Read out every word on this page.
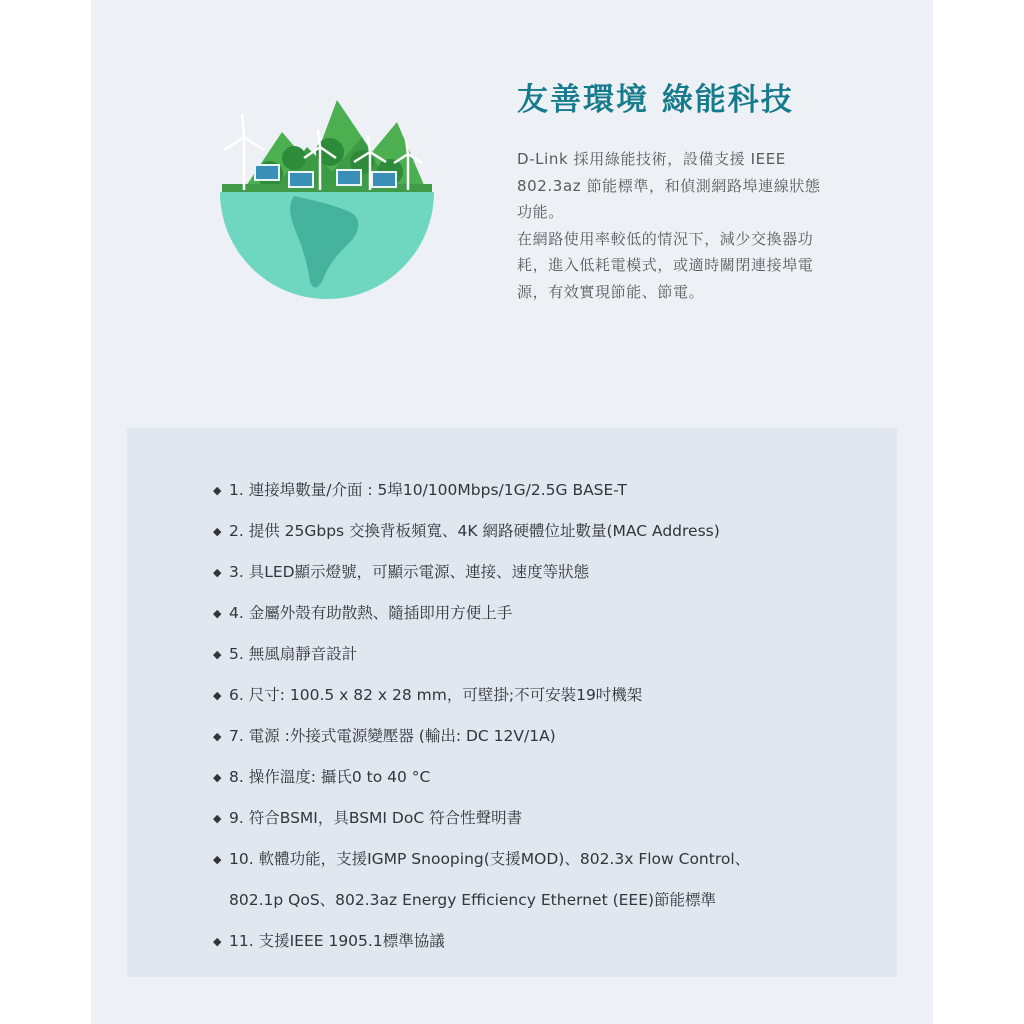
友善環境 綠能科技

D-Link 採用綠能技術，設備支援 IEEE 802.3az 節能標準，和偵測網路埠連線狀態功能。

在網路使用率較低的情況下，減少交換器功耗，進入低耗電模式，或適時關閉連接埠電源，有效實現節能、節電。

◆ 1. 連接埠數量/介面 : 5埠10/100Mbps/1G/2.5G BASE-T
◆ 2. 提供 25Gbps 交換背板頻寬、4K 網路硬體位址數量(MAC Address)
◆ 3. 具LED顯示燈號，可顯示電源、連接、速度等狀態
◆ 4. 金屬外殼有助散熱、隨插即用方便上手
◆ 5. 無風扇靜音設計
◆ 6. 尺寸: 100.5 x 82 x 28 mm，可壁掛;不可安裝19吋機架
◆ 7. 電源 :外接式電源變壓器 (輸出: DC 12V/1A)
◆ 8. 操作溫度: 攝氏0 to 40 °C
◆ 9. 符合BSMI，具BSMI DoC 符合性聲明書
◆ 10. 軟體功能，支援IGMP Snooping(支援MOD)、802.3x Flow Control、
802.1p QoS、802.3az Energy Efficiency Ethernet (EEE)節能標準
◆ 11. 支援IEEE 1905.1標準協議
